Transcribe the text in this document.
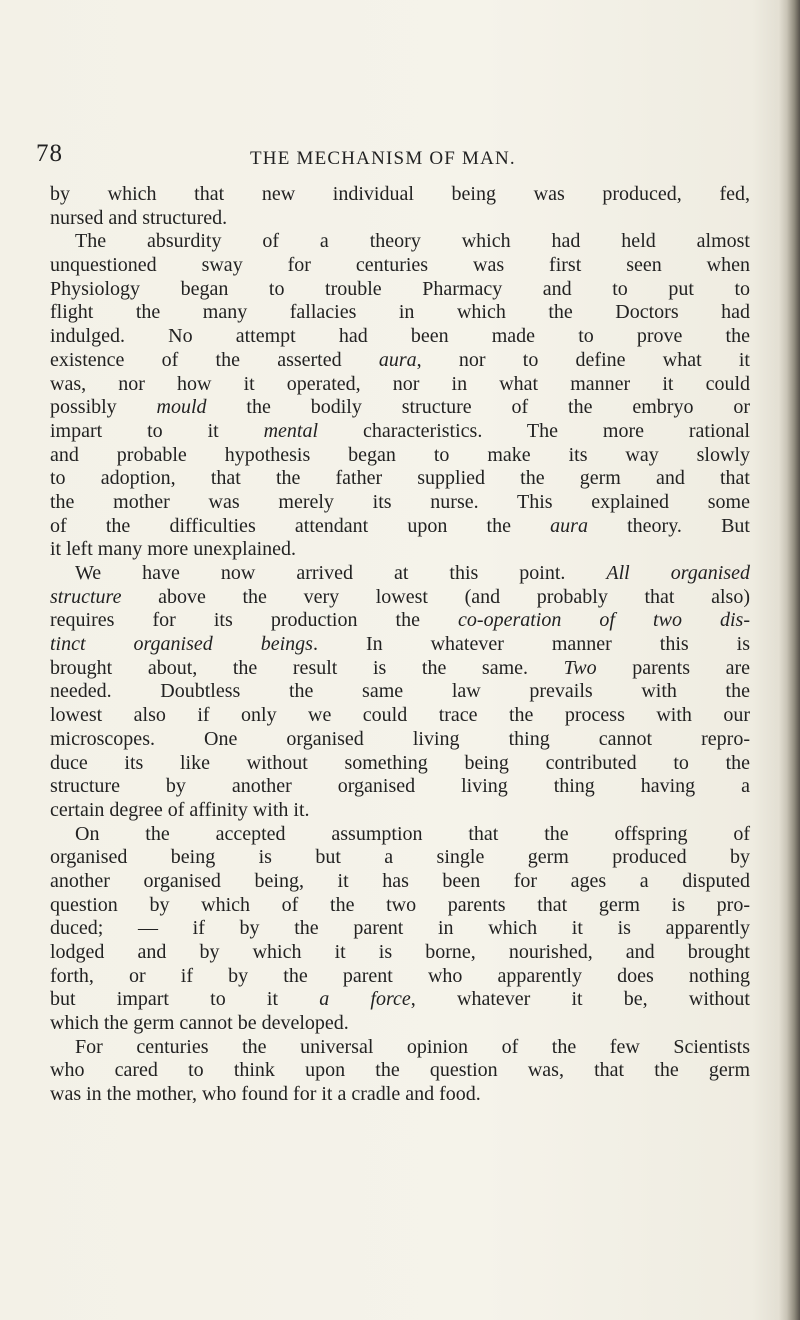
78	THE MECHANISM OF MAN.
by which that new individual being was produced, fed,
nursed and structured.
The absurdity of a theory which had held almost
unquestioned sway for centuries was first seen when
Physiology began to trouble Pharmacy and to put to
flight the many fallacies in which the Doctors had
indulged. No attempt had been made to prove the
existence of the asserted aura, nor to define what it
was, nor how it operated, nor in what manner it could
possibly mould the bodily structure of the embryo or
impart to it mental characteristics. The more rational
and probable hypothesis began to make its way slowly
to adoption, that the father supplied the germ and that
the mother was merely its nurse. This explained some
of the difficulties attendant upon the aura theory. But
it left many more unexplained.
We have now arrived at this point. All organised
structure above the very lowest (and probably that also)
requires for its production the co-operation of two dis-
tinct organised beings. In whatever manner this is
brought about, the result is the same. Two parents are
needed. Doubtless the same law prevails with the
lowest also if only we could trace the process with our
microscopes. One organised living thing cannot repro-
duce its like without something being contributed to the
structure by another organised living thing having a
certain degree of affinity with it.
On the accepted assumption that the offspring of
organised being is but a single germ produced by
another organised being, it has been for ages a disputed
question by which of the two parents that germ is pro-
duced; — if by the parent in which it is apparently
lodged and by which it is borne, nourished, and brought
forth, or if by the parent who apparently does nothing
but impart to it a force, whatever it be, without
which the germ cannot be developed.
For centuries the universal opinion of the few Scientists
who cared to think upon the question was, that the germ
was in the mother, who found for it a cradle and food.
